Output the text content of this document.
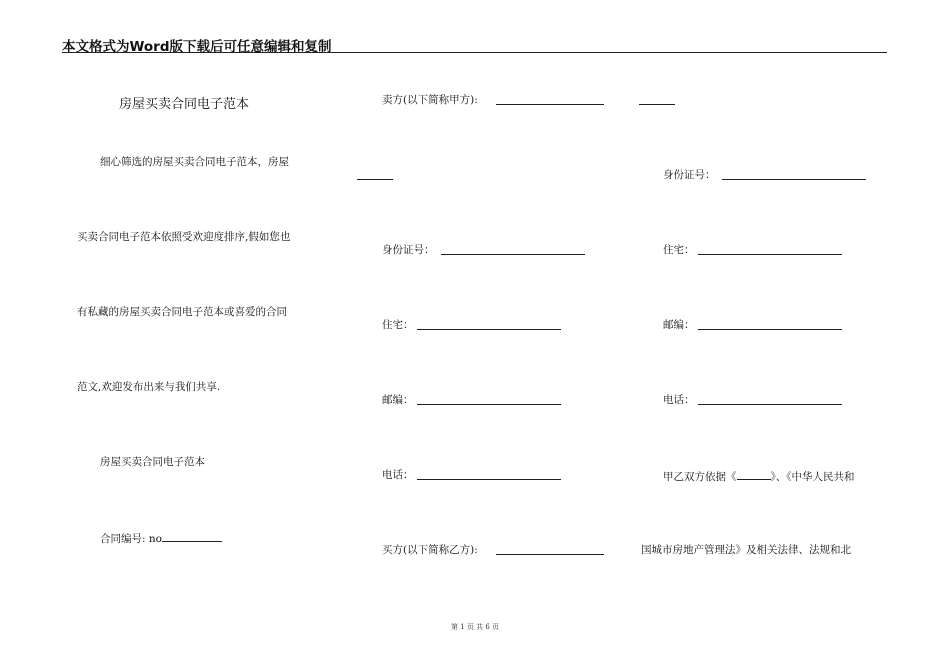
本文格式为Word版下载后可任意编辑和复制
房屋买卖合同电子范本
细心筛选的房屋买卖合同电子范本，房屋
买卖合同电子范本依照受欢迎度排序,假如您也
有私藏的房屋买卖合同电子范本或喜爱的合同
范文,欢迎发布出来与我们共享.
房屋买卖合同电子范本
合同编号: no
卖方(以下简称甲方):
身份证号：
住宅：
邮编：
电话：
买方(以下简称乙方):
身份证号：
住宅：
邮编：
电话：
甲乙双方依据《	》、《中华人民共和
国城市房地产管理法》及相关法律、法规和北
第 1 页 共 6 页
